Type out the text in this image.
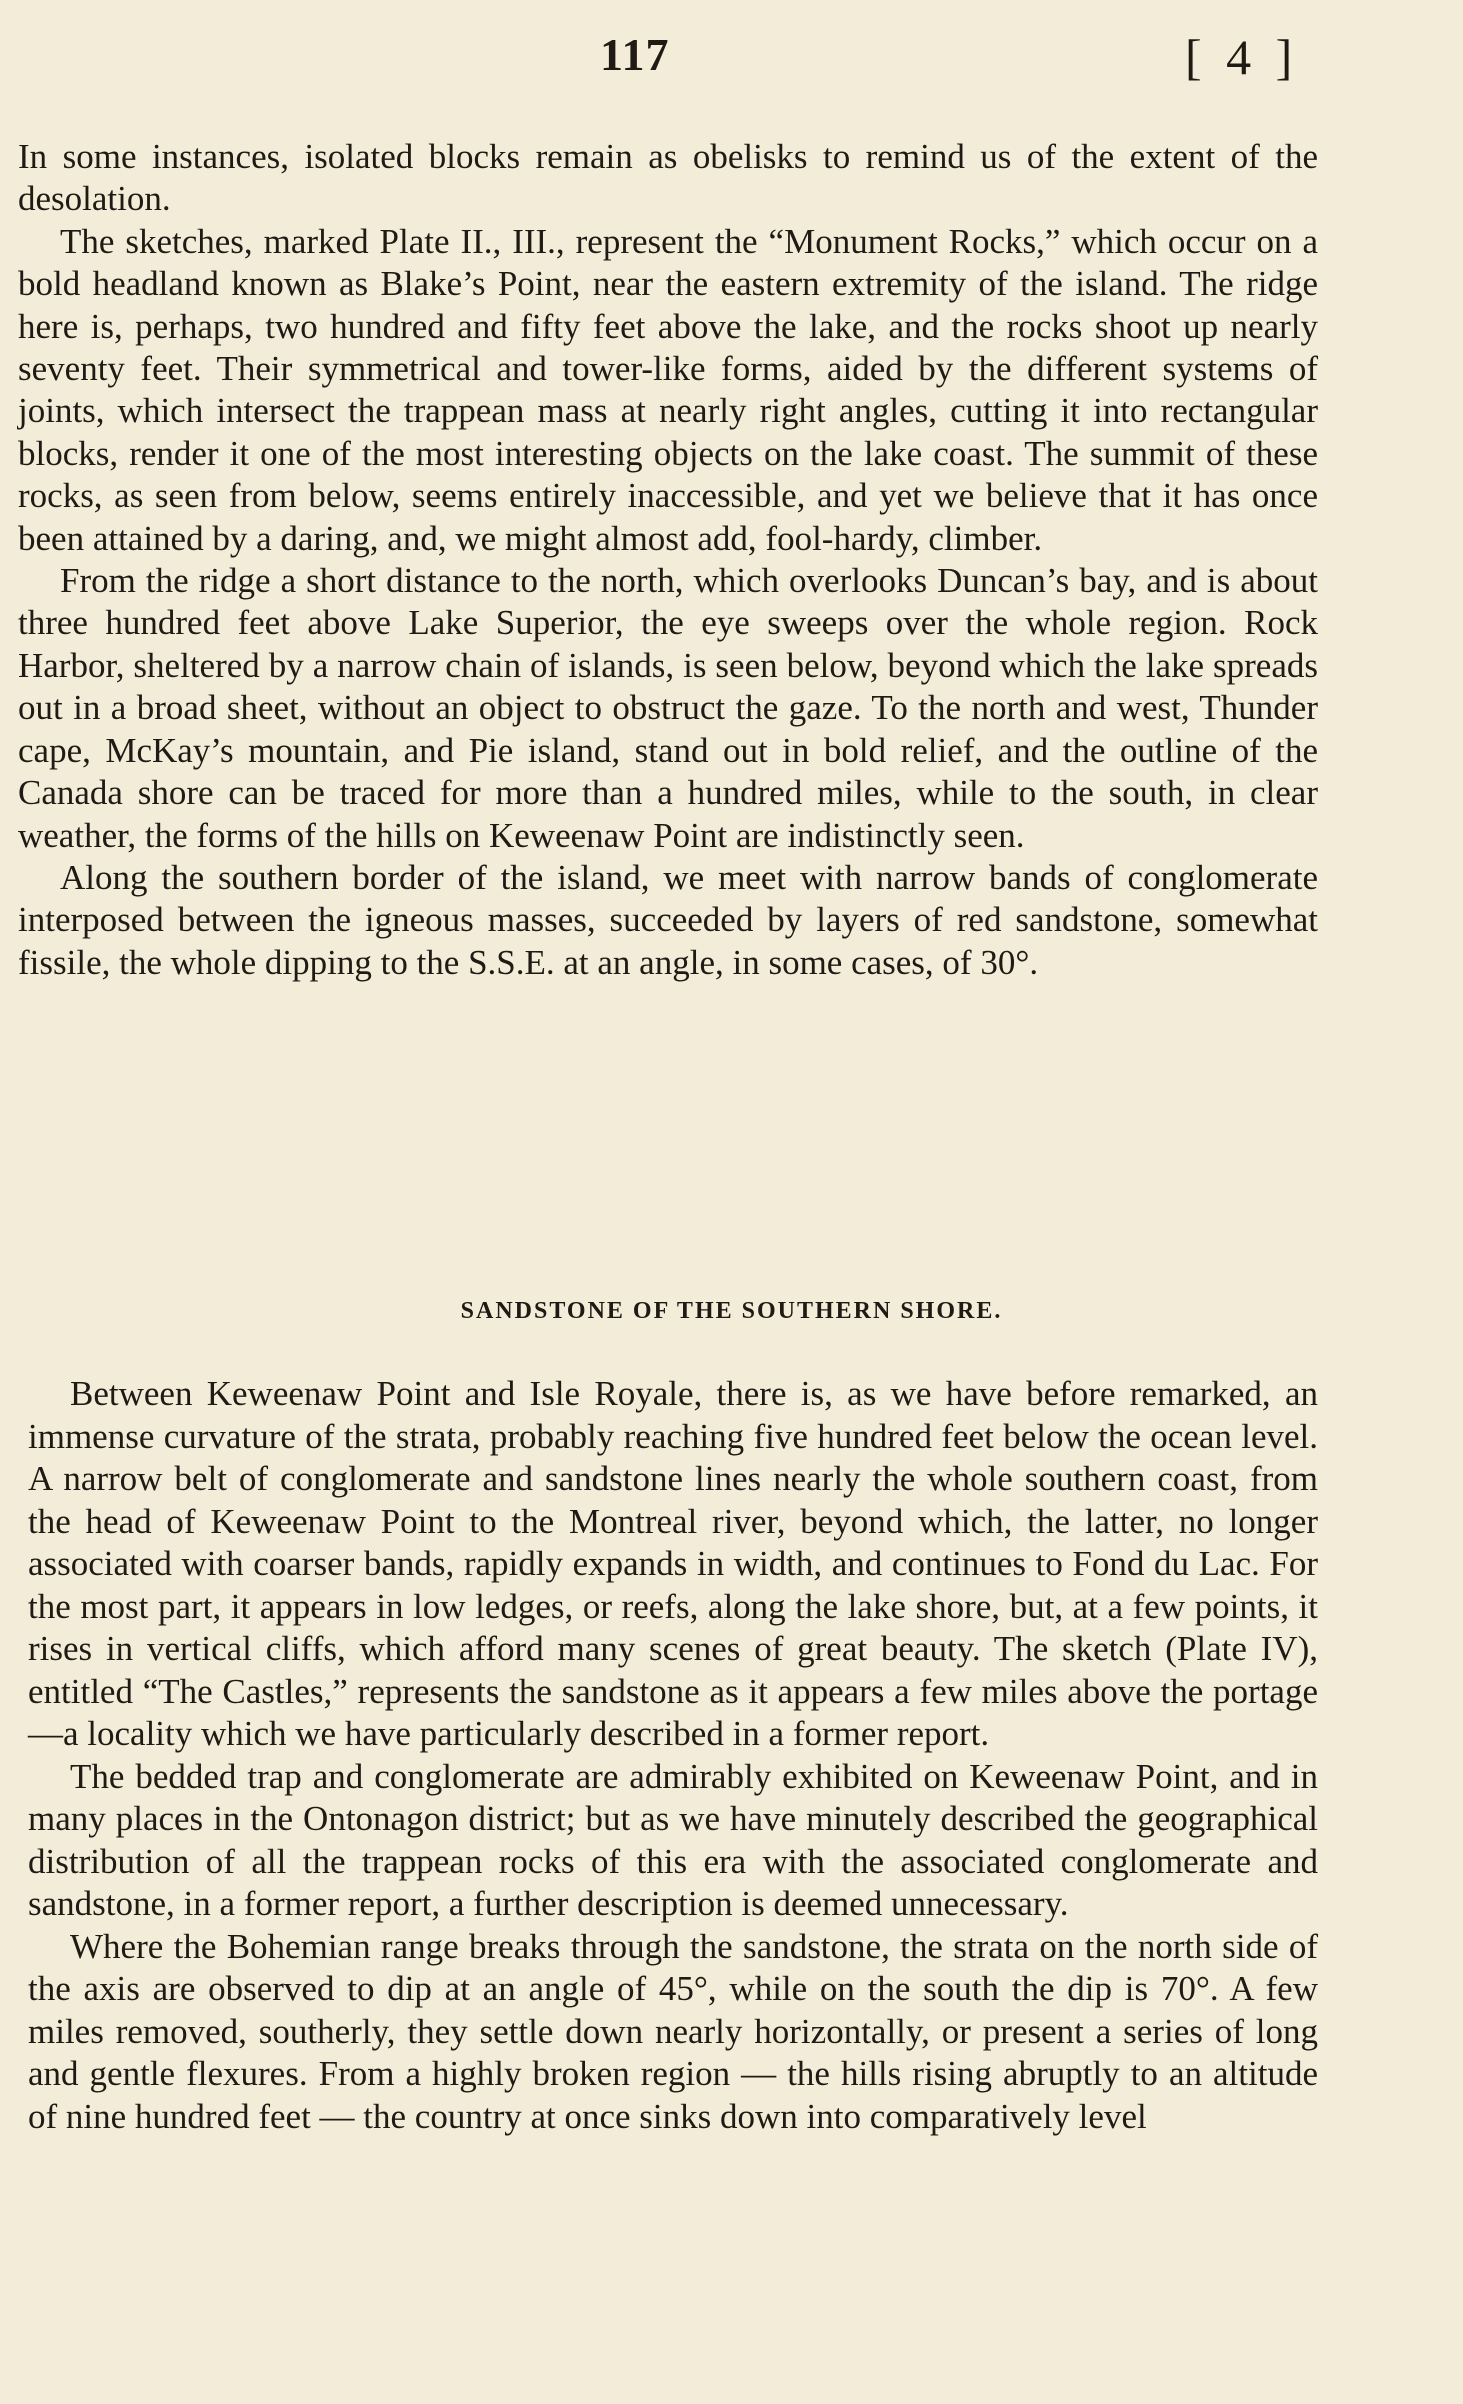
117	[ 4 ]

In some instances, isolated blocks remain as obelisks to remind us of the extent of the desolation.

The sketches, marked Plate II., III., represent the “Monument Rocks,” which occur on a bold headland known as Blake’s Point, near the eastern extremity of the island. The ridge here is, perhaps, two hundred and fifty feet above the lake, and the rocks shoot up nearly seventy feet. Their symmetrical and tower-like forms, aided by the different systems of joints, which intersect the trappean mass at nearly right angles, cutting it into rectangular blocks, render it one of the most interesting objects on the lake coast. The summit of these rocks, as seen from below, seems entirely inaccessible, and yet we believe that it has once been attained by a daring, and, we might almost add, fool-hardy, climber.

From the ridge a short distance to the north, which overlooks Duncan’s bay, and is about three hundred feet above Lake Superior, the eye sweeps over the whole region. Rock Harbor, sheltered by a narrow chain of islands, is seen below, beyond which the lake spreads out in a broad sheet, without an object to obstruct the gaze. To the north and west, Thunder cape, McKay’s mountain, and Pie island, stand out in bold relief, and the outline of the Canada shore can be traced for more than a hundred miles, while to the south, in clear weather, the forms of the hills on Keweenaw Point are indistinctly seen.

Along the southern border of the island, we meet with narrow bands of conglomerate interposed between the igneous masses, succeeded by layers of red sandstone, somewhat fissile, the whole dipping to the S.S.E. at an angle, in some cases, of 30°.

SANDSTONE OF THE SOUTHERN SHORE.

Between Keweenaw Point and Isle Royale, there is, as we have before remarked, an immense curvature of the strata, probably reaching five hundred feet below the ocean level. A narrow belt of conglomerate and sandstone lines nearly the whole southern coast, from the head of Keweenaw Point to the Montreal river, beyond which, the latter, no longer associated with coarser bands, rapidly expands in width, and continues to Fond du Lac. For the most part, it appears in low ledges, or reefs, along the lake shore, but, at a few points, it rises in vertical cliffs, which afford many scenes of great beauty. The sketch (Plate IV), entitled “The Castles,” represents the sandstone as it appears a few miles above the portage—a locality which we have particularly described in a former report.

The bedded trap and conglomerate are admirably exhibited on Keweenaw Point, and in many places in the Ontonagon district; but as we have minutely described the geographical distribution of all the trappean rocks of this era with the associated conglomerate and sandstone, in a former report, a further description is deemed unnecessary.

Where the Bohemian range breaks through the sandstone, the strata on the north side of the axis are observed to dip at an angle of 45°, while on the south the dip is 70°. A few miles removed, southerly, they settle down nearly horizontally, or present a series of long and gentle flexures. From a highly broken region — the hills rising abruptly to an altitude of nine hundred feet — the country at once sinks down into comparatively level
